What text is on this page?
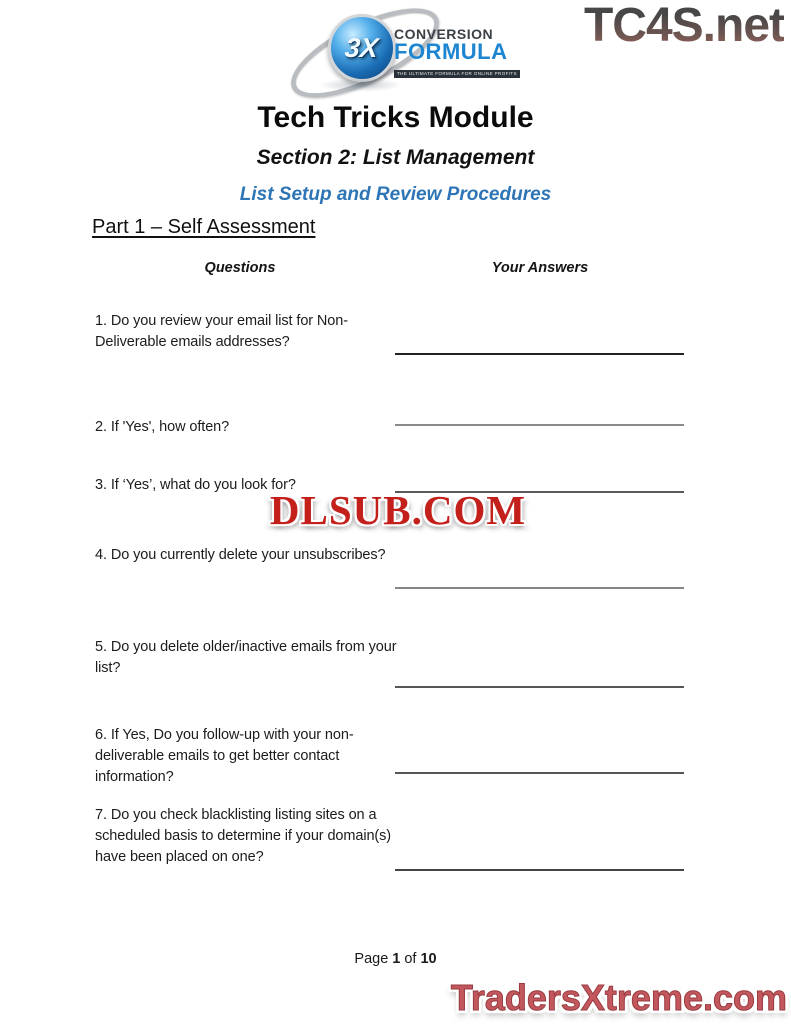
3X CONVERSION
FORMULA
THE ULTIMATE FORMULA FOR ONLINE PROFITS
TC4S.net
Tech Tricks Module
Section 2: List Management
List Setup and Review Procedures
Part 1 – Self Assessment
Questions	Your Answers
1. Do you review your email list for Non-Deliverable emails addresses?
2. If 'Yes', how often?
3. If ‘Yes’, what do you look for?
4. Do you currently delete your unsubscribes?
5. Do you delete older/inactive emails from your list?
6. If Yes, Do you follow-up with your non-deliverable emails to get better contact information?
7. Do you check blacklisting listing sites on a scheduled basis to determine if your domain(s) have been placed on one?
DLSUB.COM
Page 1 of 10
TradersXtreme.com
